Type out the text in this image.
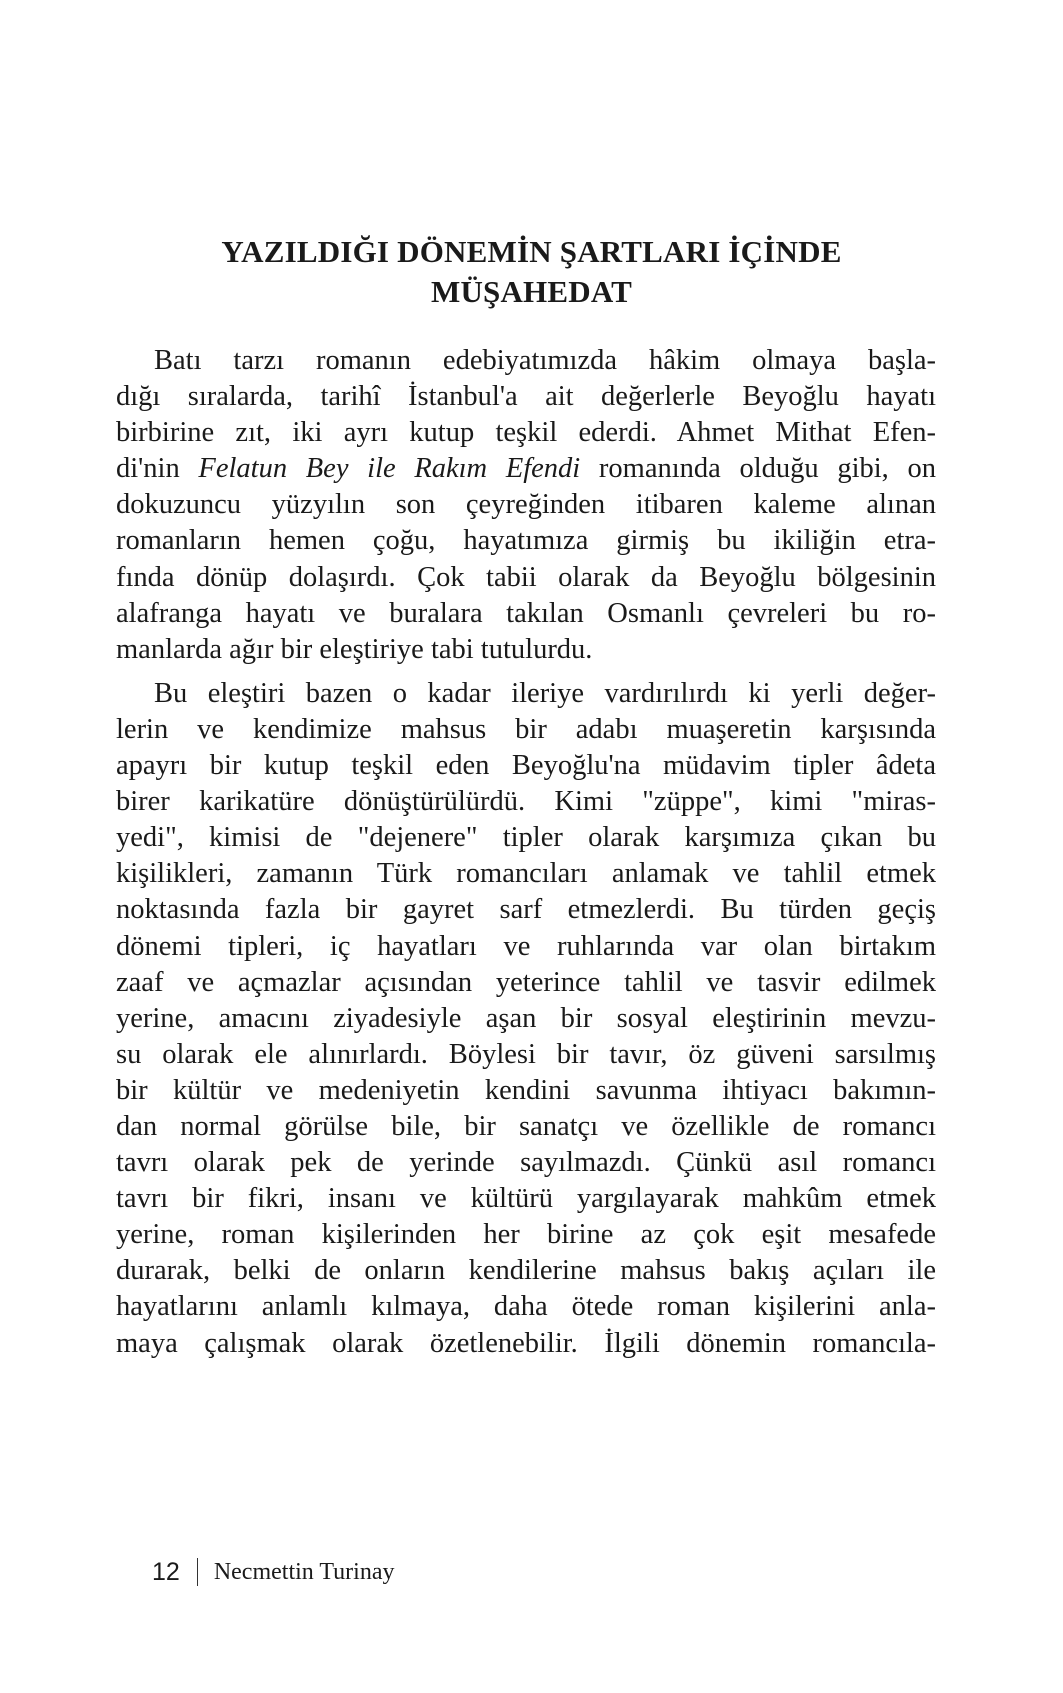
YAZILDIĞI DÖNEMİN ŞARTLARI İÇİNDE
MÜŞAHEDAT
Batı tarzı romanın edebiyatımızda hâkim olmaya başla-
dığı sıralarda, tarihî İstanbul'a ait değerlerle Beyoğlu hayatı
birbirine zıt, iki ayrı kutup teşkil ederdi. Ahmet Mithat Efen-
di'nin Felatun Bey ile Rakım Efendi romanında olduğu gibi, on
dokuzuncu yüzyılın son çeyreğinden itibaren kaleme alınan
romanların hemen çoğu, hayatımıza girmiş bu ikiliğin etra-
fında dönüp dolaşırdı. Çok tabii olarak da Beyoğlu bölgesinin
alafranga hayatı ve buralara takılan Osmanlı çevreleri bu ro-
manlarda ağır bir eleştiriye tabi tutulurdu.
Bu eleştiri bazen o kadar ileriye vardırılırdı ki yerli değer-
lerin ve kendimize mahsus bir adabı muaşeretin karşısında
apayrı bir kutup teşkil eden Beyoğlu'na müdavim tipler âdeta
birer karikatüre dönüştürülürdü. Kimi "züppe", kimi "miras-
yedi", kimisi de "dejenere" tipler olarak karşımıza çıkan bu
kişilikleri, zamanın Türk romancıları anlamak ve tahlil etmek
noktasında fazla bir gayret sarf etmezlerdi. Bu türden geçiş
dönemi tipleri, iç hayatları ve ruhlarında var olan birtakım
zaaf ve açmazlar açısından yeterince tahlil ve tasvir edilmek
yerine, amacını ziyadesiyle aşan bir sosyal eleştirinin mevzu-
su olarak ele alınırlardı. Böylesi bir tavır, öz güveni sarsılmış
bir kültür ve medeniyetin kendini savunma ihtiyacı bakımın-
dan normal görülse bile, bir sanatçı ve özellikle de romancı
tavrı olarak pek de yerinde sayılmazdı. Çünkü asıl romancı
tavrı bir fikri, insanı ve kültürü yargılayarak mahkûm etmek
yerine, roman kişilerinden her birine az çok eşit mesafede
durarak, belki de onların kendilerine mahsus bakış açıları ile
hayatlarını anlamlı kılmaya, daha ötede roman kişilerini anla-
maya çalışmak olarak özetlenebilir. İlgili dönemin romancıla-
12 Necmettin Turinay
